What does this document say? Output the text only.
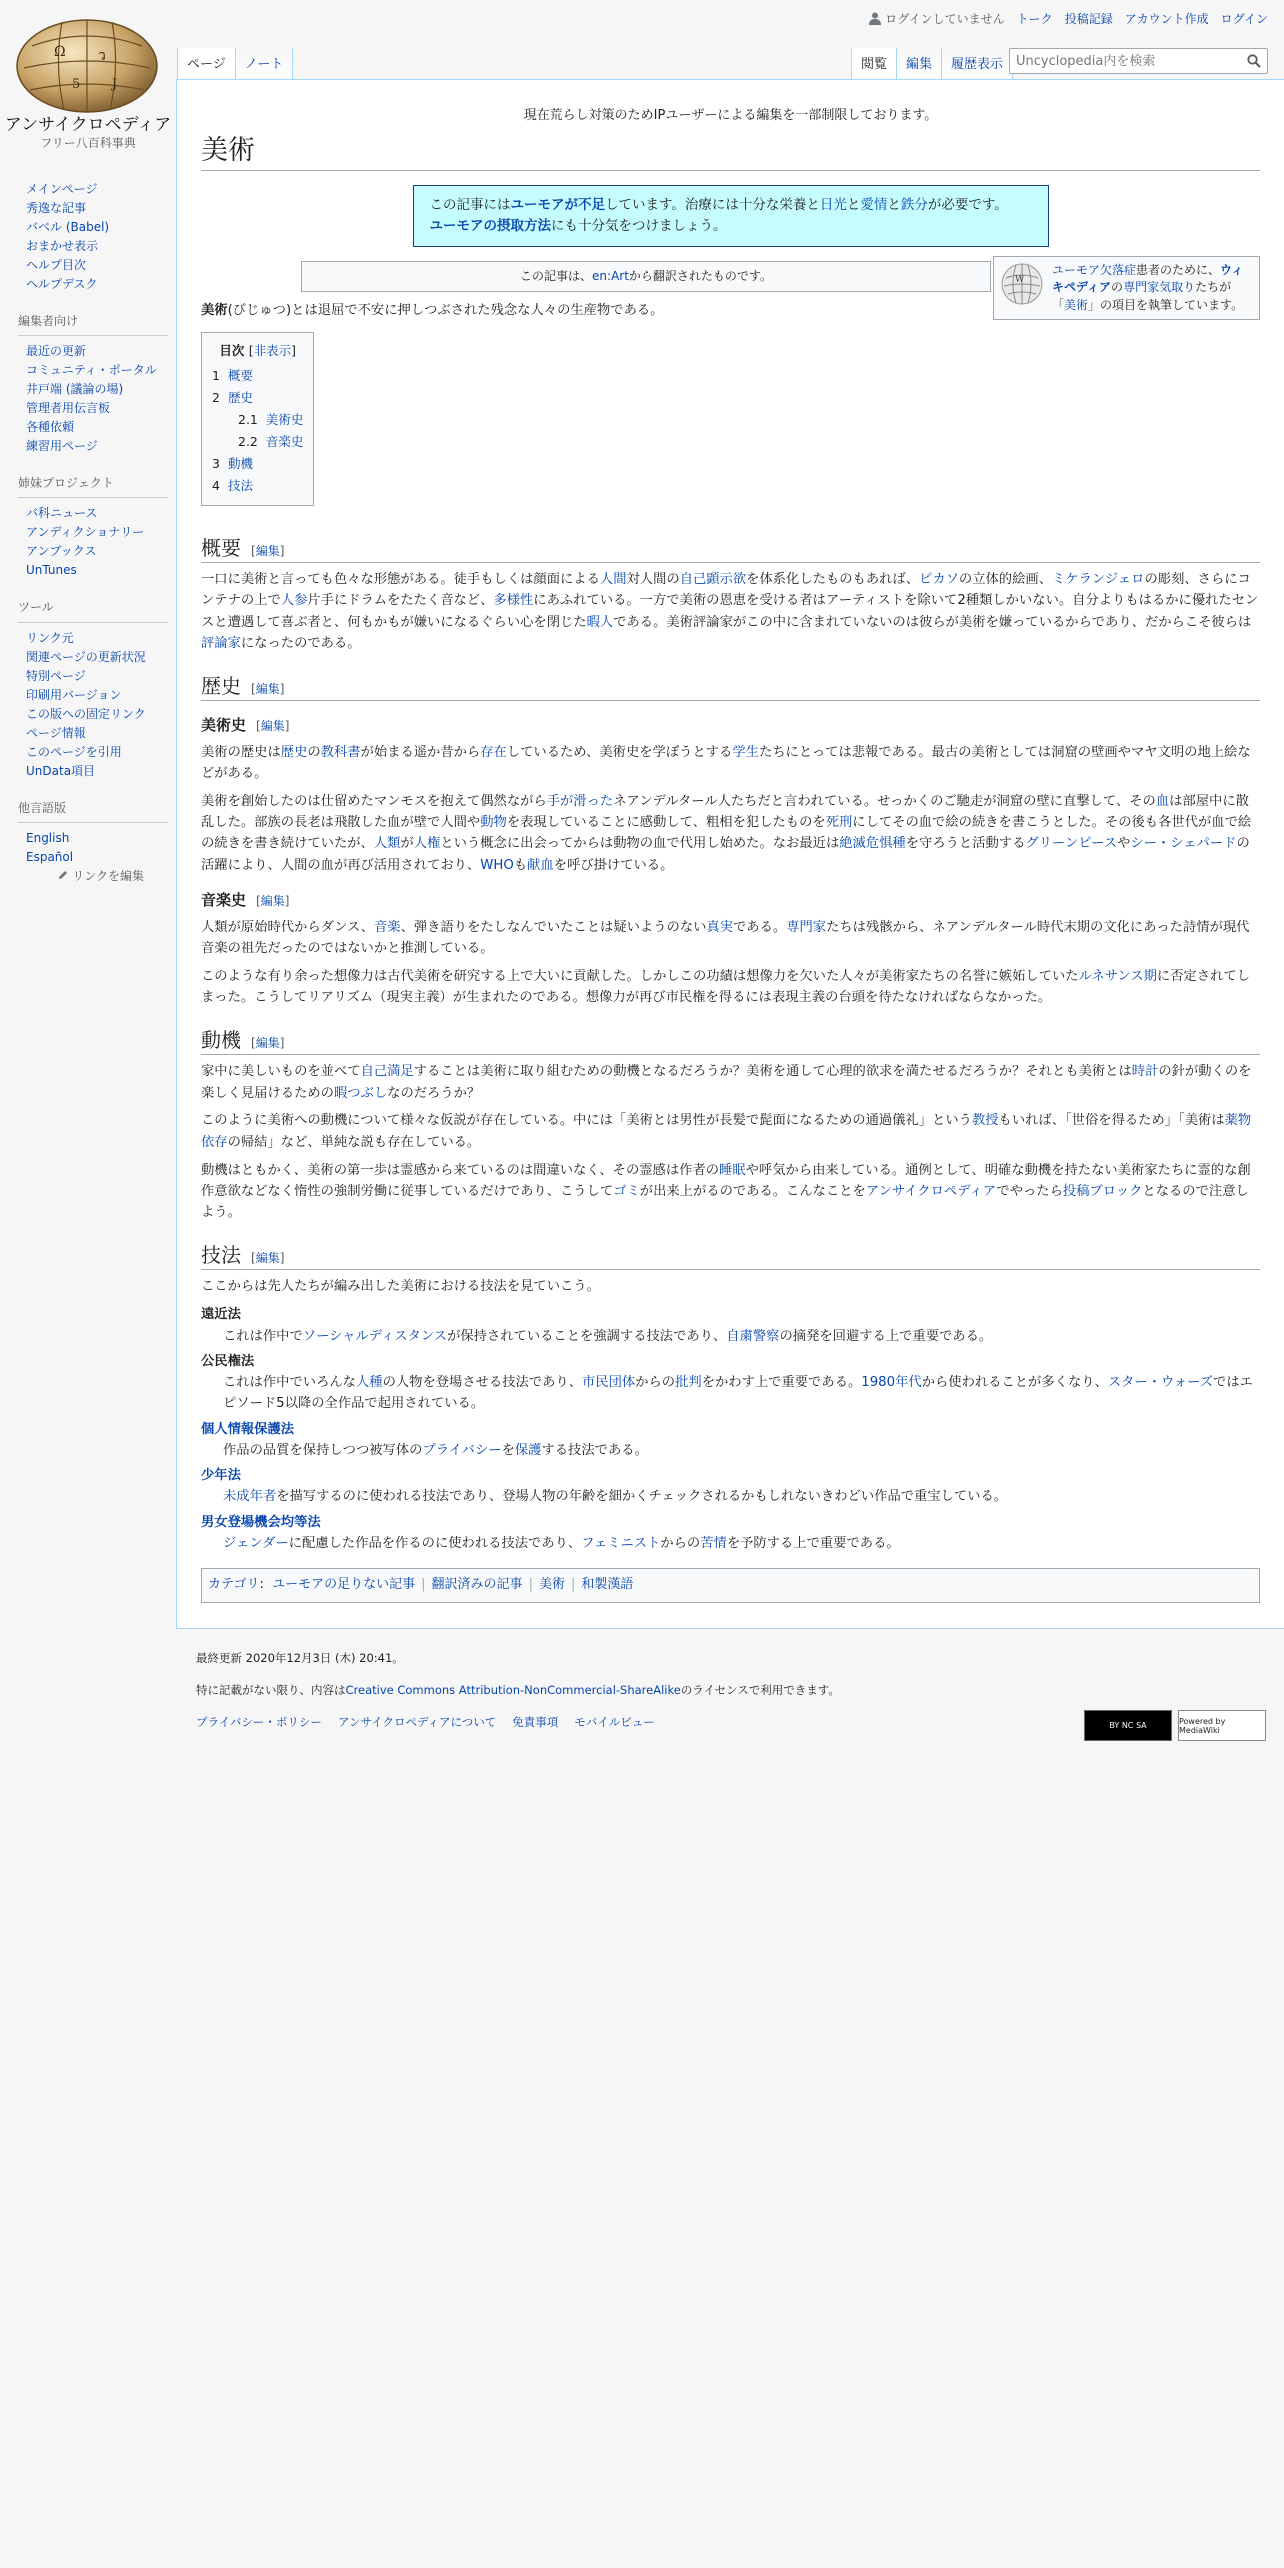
Ω ว
5 J
アンサイクロペディア
フリー八百科事典
ログインしていません トーク 投稿記録 アカウント作成 ログイン
ページ	ノート	閲覧	編集	履歴表示
Uncyclopedia内を検索
メインページ
秀逸な記事
バベル (Babel)
おまかせ表示
ヘルプ目次
ヘルプデスク
編集者向け
最近の更新
コミュニティ・ポータル
井戸端 (議論の場)
管理者用伝言板
各種依頼
練習用ページ
姉妹プロジェクト
バ科ニュース
アンディクショナリー
アンブックス
UnTunes
ツール
リンク元
関連ページの更新状況
特別ページ
印刷用バージョン
この版への固定リンク
ページ情報
このページを引用
UnData項目
他言語版
English
Español
リンクを編集
現在荒らし対策のためIPユーザーによる編集を一部制限しております。
美術
W
ユーモア欠落症患者のために、ウィキペディアの専門家気取りたちが「美術」の項目を執筆しています。
この記事にはユーモアが不足しています。治療には十分な栄養と日光と愛情と鉄分が必要です。
ユーモアの摂取方法にも十分気をつけましょう。
この記事は、en:Artから翻訳されたものです。

美術(びじゅつ)とは退屈で不安に押しつぶされた残念な人々の生産物である。

目次 [非表示]
1 概要
2 歴史
2.1 美術史
2.2 音楽史
3 動機
4 技法
概要 [編集]

一口に美術と言っても色々な形態がある。徒手もしくは顔面による人間対人間の自己顕示欲を体系化したものもあれば、ピカソの立体的絵画、ミケランジェロの彫刻、さらにコンテナの上で人参片手にドラムをたたく音など、多様性にあふれている。一方で美術の恩恵を受ける者はアーティストを除いて2種類しかいない。自分よりもはるかに優れたセンスと遭遇して喜ぶ者と、何もかもが嫌いになるぐらい心を閉じた暇人である。美術評論家がこの中に含まれていないのは彼らが美術を嫌っているからであり、だからこそ彼らは評論家になったのである。

歴史 [編集]
美術史 [編集]

美術の歴史は歴史の教科書が始まる遥か昔から存在しているため、美術史を学ぼうとする学生たちにとっては悲報である。最古の美術としては洞窟の壁画やマヤ文明の地上絵などがある。

美術を創始したのは仕留めたマンモスを抱えて偶然ながら手が滑ったネアンデルタール人たちだと言われている。せっかくのご馳走が洞窟の壁に直撃して、その血は部屋中に散乱した。部族の長老は飛散した血が壁で人間や動物を表現していることに感動して、粗相を犯したものを死刑にしてその血で絵の続きを書こうとした。その後も各世代が血で絵の続きを書き続けていたが、人類が人権という概念に出会ってからは動物の血で代用し始めた。なお最近は絶滅危惧種を守ろうと活動するグリーンピースやシー・シェパードの活躍により、人間の血が再び活用されており、WHOも献血を呼び掛けている。

音楽史 [編集]

人類が原始時代からダンス、音楽、弾き語りをたしなんでいたことは疑いようのない真実である。専門家たちは残骸から、ネアンデルタール時代末期の文化にあった詩情が現代音楽の祖先だったのではないかと推測している。

このような有り余った想像力は古代美術を研究する上で大いに貢献した。しかしこの功績は想像力を欠いた人々が美術家たちの名誉に嫉妬していたルネサンス期に否定されてしまった。こうしてリアリズム（現実主義）が生まれたのである。想像力が再び市民権を得るには表現主義の台頭を待たなければならなかった。

動機 [編集]

家中に美しいものを並べて自己満足することは美術に取り組むための動機となるだろうか？美術を通して心理的欲求を満たせるだろうか？それとも美術とは時計の針が動くのを楽しく見届けるための暇つぶしなのだろうか？

このように美術への動機について様々な仮説が存在している。中には「美術とは男性が長髪で髭面になるための通過儀礼」という教授もいれば、「世俗を得るため」「美術は薬物依存の帰結」など、単純な説も存在している。

動機はともかく、美術の第一歩は霊感から来ているのは間違いなく、その霊感は作者の睡眠や呼気から由来している。通例として、明確な動機を持たない美術家たちに霊的な創作意欲などなく惰性の強制労働に従事しているだけであり、こうしてゴミが出来上がるのである。こんなことをアンサイクロペディアでやったら投稿ブロックとなるので注意しよう。

技法 [編集]

ここからは先人たちが編み出した美術における技法を見ていこう。

遠近法
これは作中でソーシャルディスタンスが保持されていることを強調する技法であり、自粛警察の摘発を回避する上で重要である。
公民権法
これは作中でいろんな人種の人物を登場させる技法であり、市民団体からの批判をかわす上で重要である。1980年代から使われることが多くなり、スター・ウォーズではエピソード5以降の全作品で起用されている。
個人情報保護法
作品の品質を保持しつつ被写体のプライバシーを保護する技法である。
少年法
未成年者を描写するのに使われる技法であり、登場人物の年齢を細かくチェックされるかもしれないきわどい作品で重宝している。
男女登場機会均等法
ジェンダーに配慮した作品を作るのに使われる技法であり、フェミニストからの苦情を予防する上で重要である。
カテゴリ:  ユーモアの足りない記事 | 翻訳済みの記事 | 美術 | 和製漢語
最終更新 2020年12月3日 (木) 20:41。
特に記載がない限り、内容はCreative Commons Attribution-NonCommercial-ShareAlikeのライセンスで利用できます。
プライバシー・ポリシー アンサイクロペディアについて 免責事項 モバイルビュー	BY NC SA	Powered by MediaWiki
